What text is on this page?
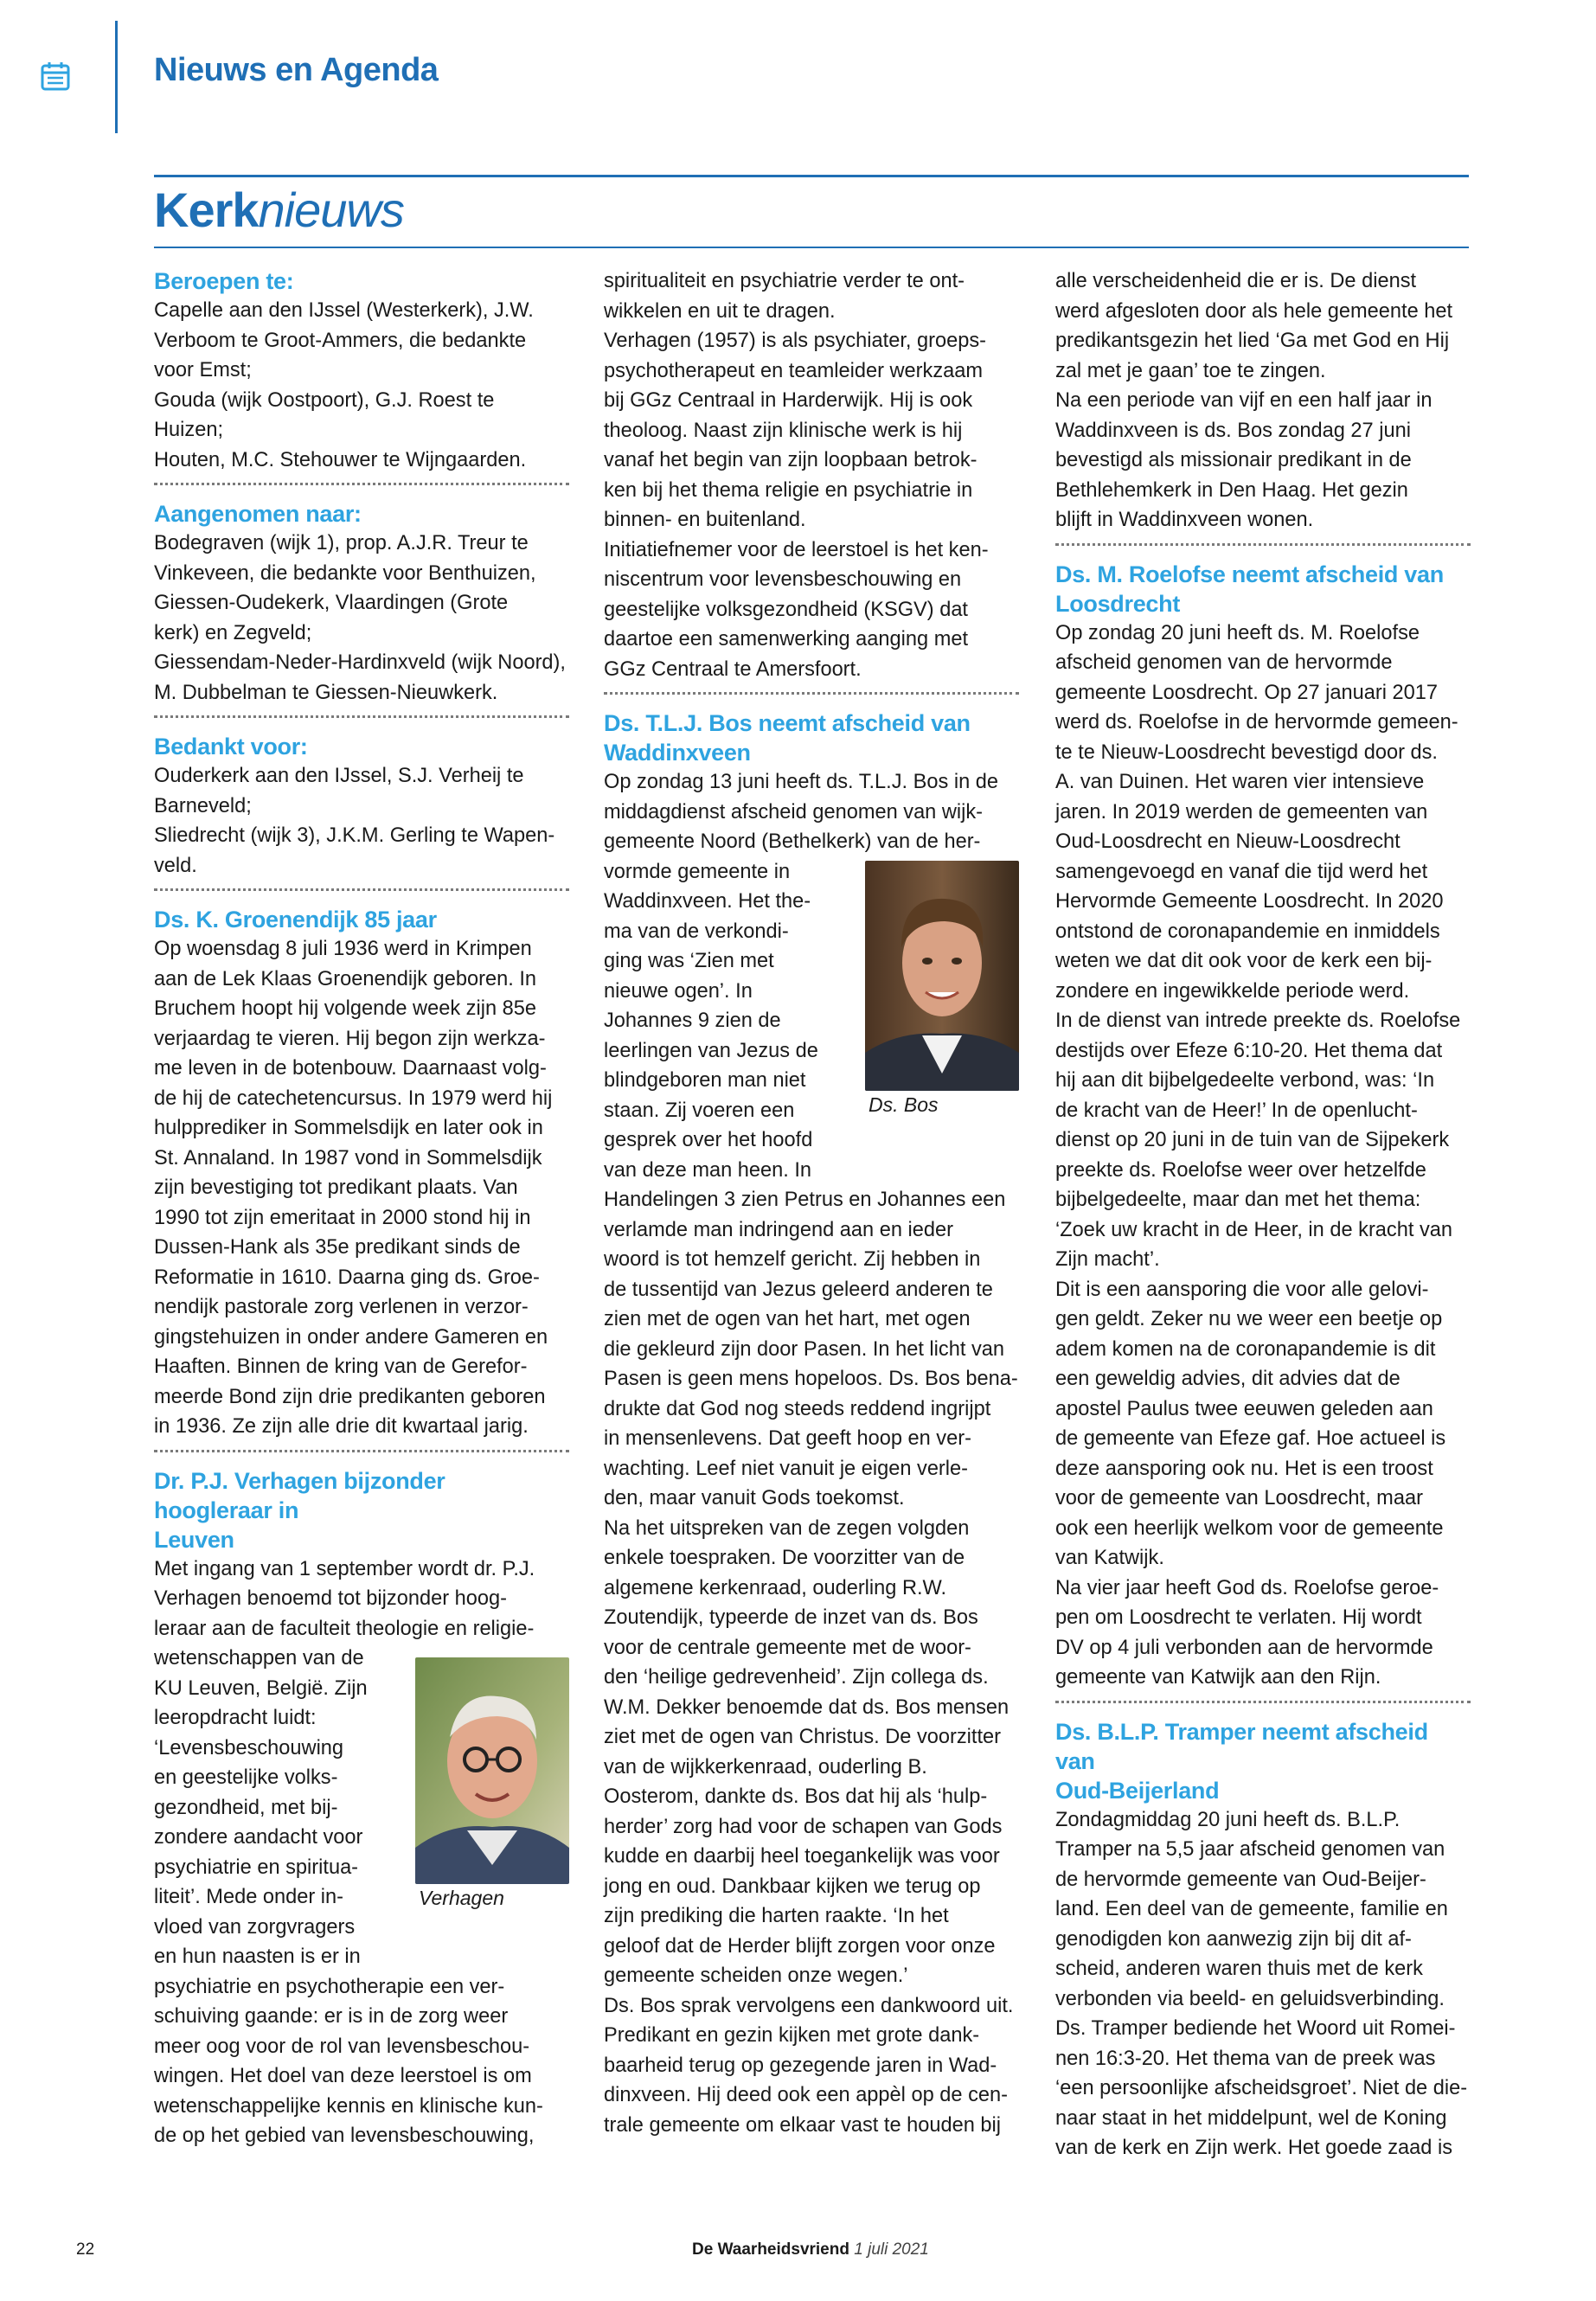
Nieuws en Agenda
Kerknieuws
Beroepen te:

Capelle aan den IJssel (Westerkerk), J.W.

Verboom te Groot-Ammers, die bedankte

voor Emst;

Gouda (wijk Oostpoort), G.J. Roest te

Huizen;

Houten, M.C. Stehouwer te Wijngaarden.

Aangenomen naar:

Bodegraven (wijk 1), prop. A.J.R. Treur te

Vinkeveen, die bedankte voor Benthuizen,

Giessen-Oudekerk, Vlaardingen (Grote

kerk) en Zegveld;

Giessendam-Neder-Hardinxveld (wijk Noord),

M. Dubbelman te Giessen-Nieuwkerk.

Bedankt voor:

Ouderkerk aan den IJssel, S.J. Verheij te

Barneveld;

Sliedrecht (wijk 3), J.K.M. Gerling te Wapen-

veld.

Ds. K. Groenendijk 85 jaar

Op woensdag 8 juli 1936 werd in Krimpen

aan de Lek Klaas Groenendijk geboren. In

Bruchem hoopt hij volgende week zijn 85e

verjaardag te vieren. Hij begon zijn werkza-

me leven in de botenbouw. Daarnaast volg-

de hij de catechetencursus. In 1979 werd hij

hulpprediker in Sommelsdijk en later ook in

St. Annaland. In 1987 vond in Sommelsdijk

zijn bevestiging tot predikant plaats. Van

1990 tot zijn emeritaat in 2000 stond hij in

Dussen-Hank als 35e predikant sinds de

Reformatie in 1610. Daarna ging ds. Groe-

nendijk pastorale zorg verlenen in verzor-

gingstehuizen in onder andere Gameren en

Haaften. Binnen de kring van de Gerefor-

meerde Bond zijn drie predikanten geboren

in 1936. Ze zijn alle drie dit kwartaal jarig.

Dr. P.J. Verhagen bijzonder hoogleraar in
Leuven

Met ingang van 1 september wordt dr. P.J.

Verhagen benoemd tot bijzonder hoog-

leraar aan de faculteit theologie en religie-

Verhagen

wetenschappen van de

KU Leuven, België. Zijn

leeropdracht luidt:

‘Levensbeschouwing

en geestelijke volks-

gezondheid, met bij-

zondere aandacht voor

psychiatrie en spiritua-

liteit’. Mede onder in-

vloed van zorgvragers

en hun naasten is er in

psychiatrie en psychotherapie een ver-

schuiving gaande: er is in de zorg weer

meer oog voor de rol van levensbeschou-

wingen. Het doel van deze leerstoel is om

wetenschappelijke kennis en klinische kun-

de op het gebied van levensbeschouwing,

spiritualiteit en psychiatrie verder te ont-

wikkelen en uit te dragen.

Verhagen (1957) is als psychiater, groeps-

psychotherapeut en teamleider werkzaam

bij GGz Centraal in Harderwijk. Hij is ook

theoloog. Naast zijn klinische werk is hij

vanaf het begin van zijn loopbaan betrok-

ken bij het thema religie en psychiatrie in

binnen- en buitenland.

Initiatiefnemer voor de leerstoel is het ken-

niscentrum voor levensbeschouwing en

geestelijke volksgezondheid (KSGV) dat

daartoe een samenwerking aanging met

GGz Centraal te Amersfoort.

Ds. T.L.J. Bos neemt afscheid van
Waddinxveen

Op zondag 13 juni heeft ds. T.L.J. Bos in de

middagdienst afscheid genomen van wijk-

gemeente Noord (Bethelkerk) van de her-

vormde gemeente in

Ds. Bos

Waddinxveen. Het the-

ma van de verkondi-

ging was ‘Zien met

nieuwe ogen’. In

Johannes 9 zien de

leerlingen van Jezus de

blindgeboren man niet

staan. Zij voeren een

gesprek over het hoofd

van deze man heen. In

Handelingen 3 zien Petrus en Johannes een

verlamde man indringend aan en ieder

woord is tot hemzelf gericht. Zij hebben in

de tussentijd van Jezus geleerd anderen te

zien met de ogen van het hart, met ogen

die gekleurd zijn door Pasen. In het licht van

Pasen is geen mens hopeloos. Ds. Bos bena-

drukte dat God nog steeds reddend ingrijpt

in mensenlevens. Dat geeft hoop en ver-

wachting. Leef niet vanuit je eigen verle-

den, maar vanuit Gods toekomst.

Na het uitspreken van de zegen volgden

enkele toespraken. De voorzitter van de

algemene kerkenraad, ouderling R.W.

Zoutendijk, typeerde de inzet van ds. Bos

voor de centrale gemeente met de woor-

den ‘heilige gedrevenheid’. Zijn collega ds.

W.M. Dekker benoemde dat ds. Bos mensen

ziet met de ogen van Christus. De voorzitter

van de wijkkerkenraad, ouderling B.

Oosterom, dankte ds. Bos dat hij als ‘hulp-

herder’ zorg had voor de schapen van Gods

kudde en daarbij heel toegankelijk was voor

jong en oud. Dankbaar kijken we terug op

zijn prediking die harten raakte. ‘In het

geloof dat de Herder blijft zorgen voor onze

gemeente scheiden onze wegen.’

Ds. Bos sprak vervolgens een dankwoord uit.

Predikant en gezin kijken met grote dank-

baarheid terug op gezegende jaren in Wad-

dinxveen. Hij deed ook een appèl op de cen-

trale gemeente om elkaar vast te houden bij

alle verscheidenheid die er is. De dienst

werd afgesloten door als hele gemeente het

predikantsgezin het lied ‘Ga met God en Hij

zal met je gaan’ toe te zingen.

Na een periode van vijf en een half jaar in

Waddinxveen is ds. Bos zondag 27 juni

bevestigd als missionair predikant in de

Bethlehemkerk in Den Haag. Het gezin

blijft in Waddinxveen wonen.

Ds. M. Roelofse neemt afscheid van
Loosdrecht

Op zondag 20 juni heeft ds. M. Roelofse

afscheid genomen van de hervormde

gemeente Loosdrecht. Op 27 januari 2017

werd ds. Roelofse in de hervormde gemeen-

te te Nieuw-Loosdrecht bevestigd door ds.

A. van Duinen. Het waren vier intensieve

jaren. In 2019 werden de gemeenten van

Oud-Loosdrecht en Nieuw-Loosdrecht

samengevoegd en vanaf die tijd werd het

Hervormde Gemeente Loosdrecht. In 2020

ontstond de coronapandemie en inmiddels

weten we dat dit ook voor de kerk een bij-

zondere en ingewikkelde periode werd.

In de dienst van intrede preekte ds. Roelofse

destijds over Efeze 6:10-20. Het thema dat

hij aan dit bijbelgedeelte verbond, was: ‘In

de kracht van de Heer!’ In de openlucht-

dienst op 20 juni in de tuin van de Sijpekerk

preekte ds. Roelofse weer over hetzelfde

bijbelgedeelte, maar dan met het thema:

‘Zoek uw kracht in de Heer, in de kracht van

Zijn macht’.

Dit is een aansporing die voor alle gelovi-

gen geldt. Zeker nu we weer een beetje op

adem komen na de coronapandemie is dit

een geweldig advies, dit advies dat de

apostel Paulus twee eeuwen geleden aan

de gemeente van Efeze gaf. Hoe actueel is

deze aansporing ook nu. Het is een troost

voor de gemeente van Loosdrecht, maar

ook een heerlijk welkom voor de gemeente

van Katwijk.

Na vier jaar heeft God ds. Roelofse geroe-

pen om Loosdrecht te verlaten. Hij wordt

DV op 4 juli verbonden aan de hervormde

gemeente van Katwijk aan den Rijn.

Ds. B.L.P. Tramper neemt afscheid van
Oud-Beijerland

Zondagmiddag 20 juni heeft ds. B.L.P.

Tramper na 5,5 jaar afscheid genomen van

de hervormde gemeente van Oud-Beijer-

land. Een deel van de gemeente, familie en

genodigden kon aanwezig zijn bij dit af-

scheid, anderen waren thuis met de kerk

verbonden via beeld- en geluidsverbinding.

Ds. Tramper bediende het Woord uit Romei-

nen 16:3-20. Het thema van de preek was

‘een persoonlijke afscheidsgroet’. Niet de die-

naar staat in het middelpunt, wel de Koning

van de kerk en Zijn werk. Het goede zaad is

22	De Waarheidsvriend 1 juli 2021
